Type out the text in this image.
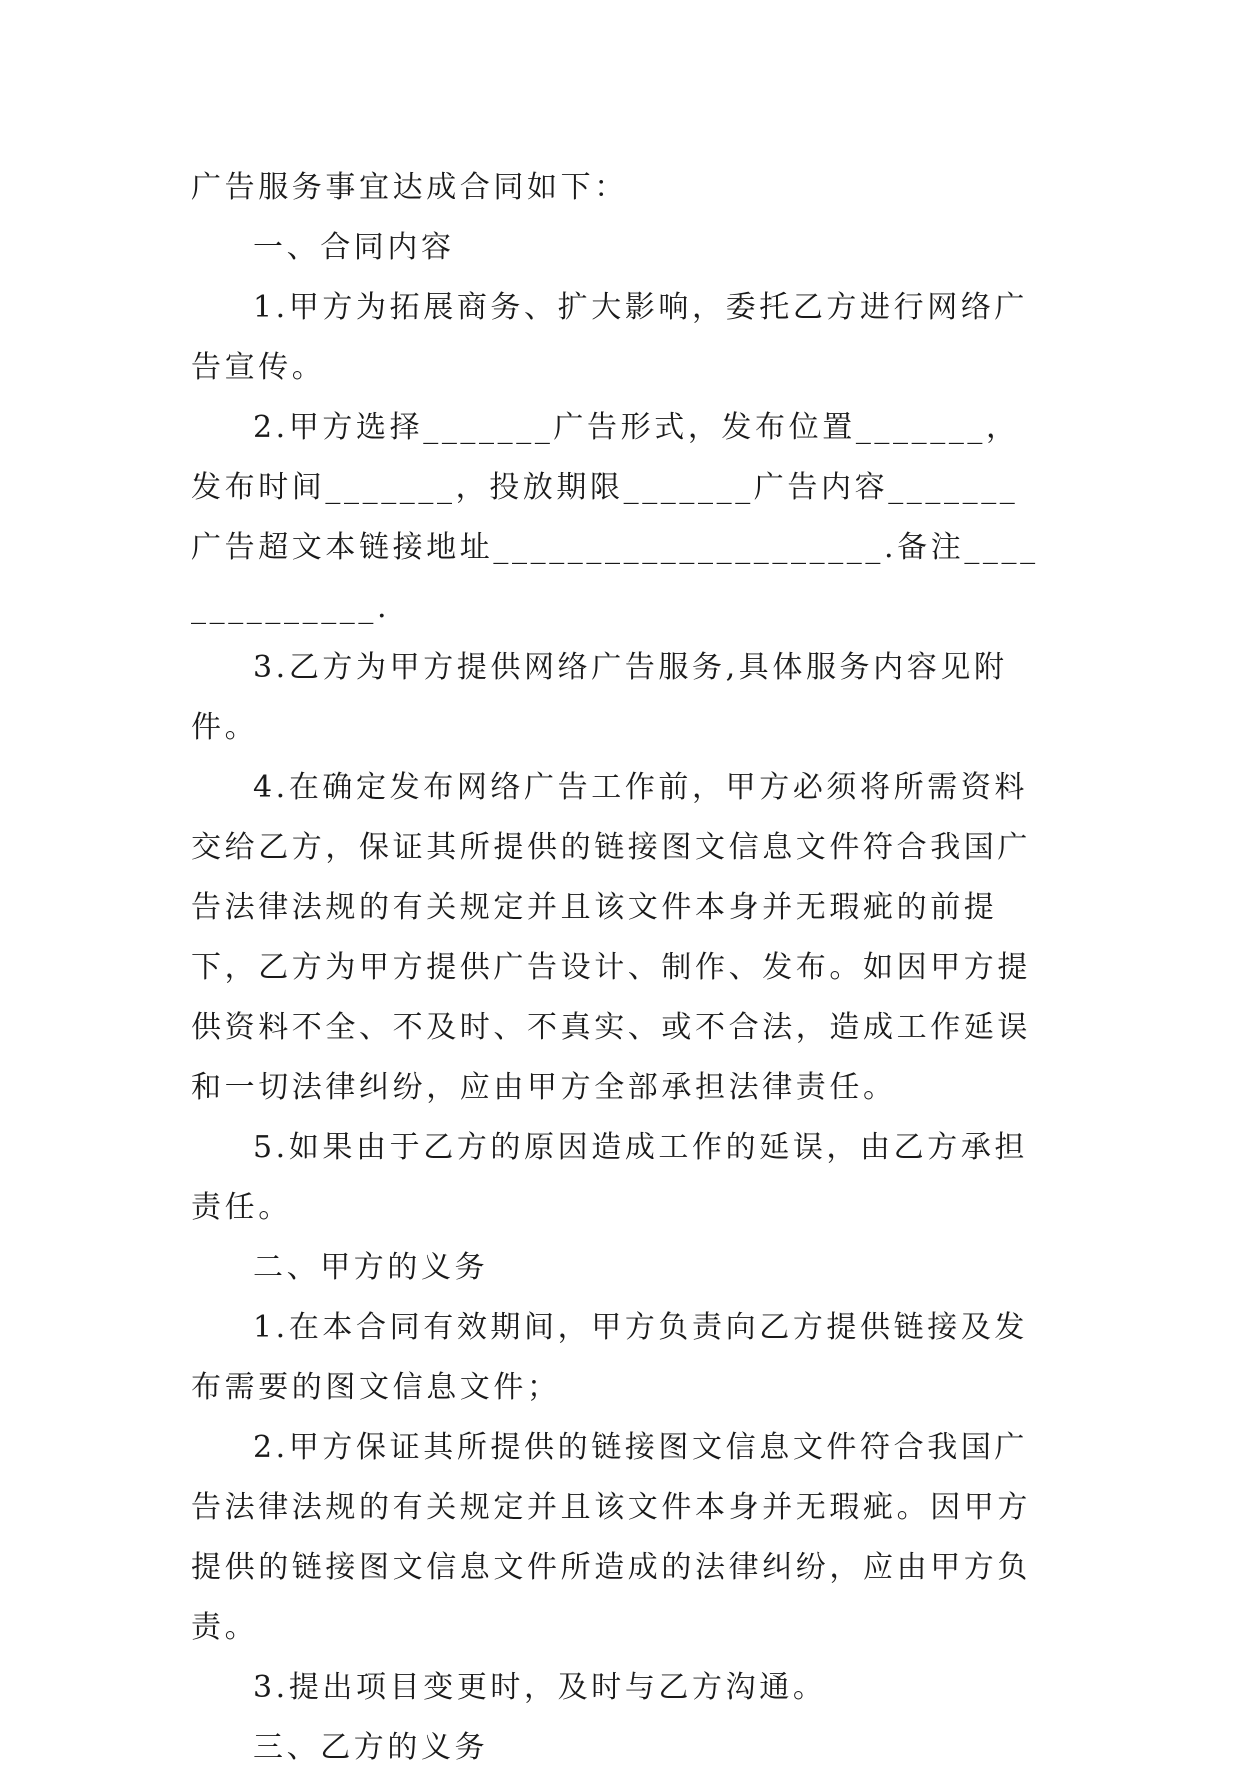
广告服务事宜达成合同如下：

一、合同内容

1.甲方为拓展商务、扩大影响，委托乙方进行网络广告宣传。

2.甲方选择_______广告形式，发布位置_______，发布时间_______，投放期限_______广告内容_______广告超文本链接地址_____________________.备注______________.

3.乙方为甲方提供网络广告服务,具体服务内容见附件。

4.在确定发布网络广告工作前，甲方必须将所需资料交给乙方，保证其所提供的链接图文信息文件符合我国广告法律法规的有关规定并且该文件本身并无瑕疵的前提下，乙方为甲方提供广告设计、制作、发布。如因甲方提供资料不全、不及时、不真实、或不合法，造成工作延误和一切法律纠纷，应由甲方全部承担法律责任。

5.如果由于乙方的原因造成工作的延误，由乙方承担责任。

二、甲方的义务

1.在本合同有效期间，甲方负责向乙方提供链接及发布需要的图文信息文件；

2.甲方保证其所提供的链接图文信息文件符合我国广告法律法规的有关规定并且该文件本身并无瑕疵。因甲方提供的链接图文信息文件所造成的法律纠纷，应由甲方负责。

3.提出项目变更时，及时与乙方沟通。

三、乙方的义务
